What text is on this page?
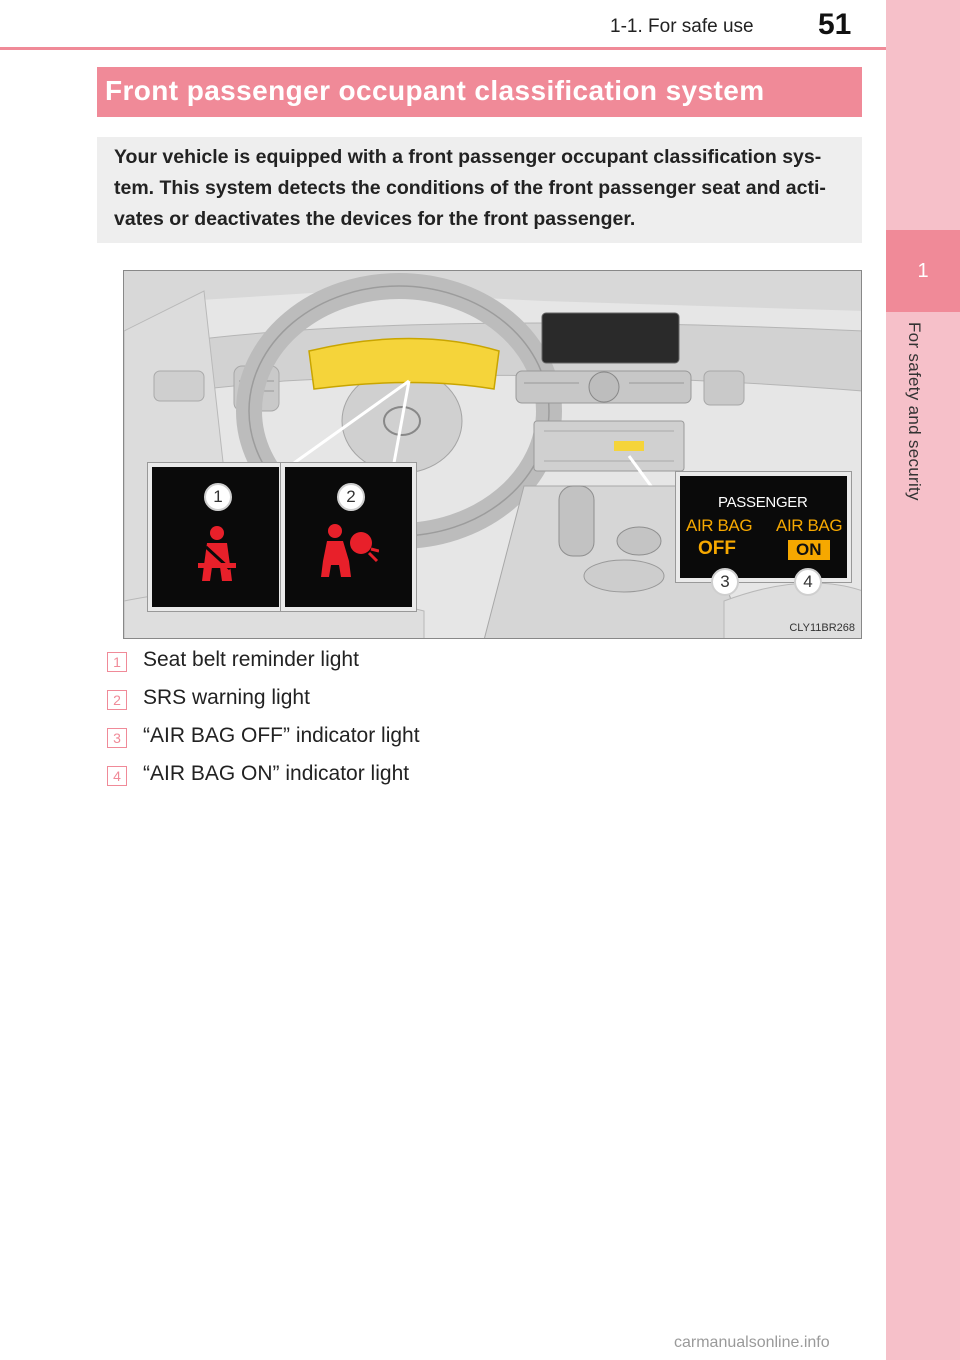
1
For safety and security
1-1. For safe use 51
Front passenger occupant classification system
Your vehicle is equipped with a front passenger occupant classification sys-tem. This system detects the conditions of the front passenger seat and acti-vates or deactivates the devices for the front passenger.
1	2	PASSENGER
AIR BAG AIR BAG
OFF	ON
3	4
CLY11BR268
1 Seat belt reminder light
2 SRS warning light
3 “AIR BAG OFF” indicator light
4 “AIR BAG ON” indicator light
carmanualsonline.info
